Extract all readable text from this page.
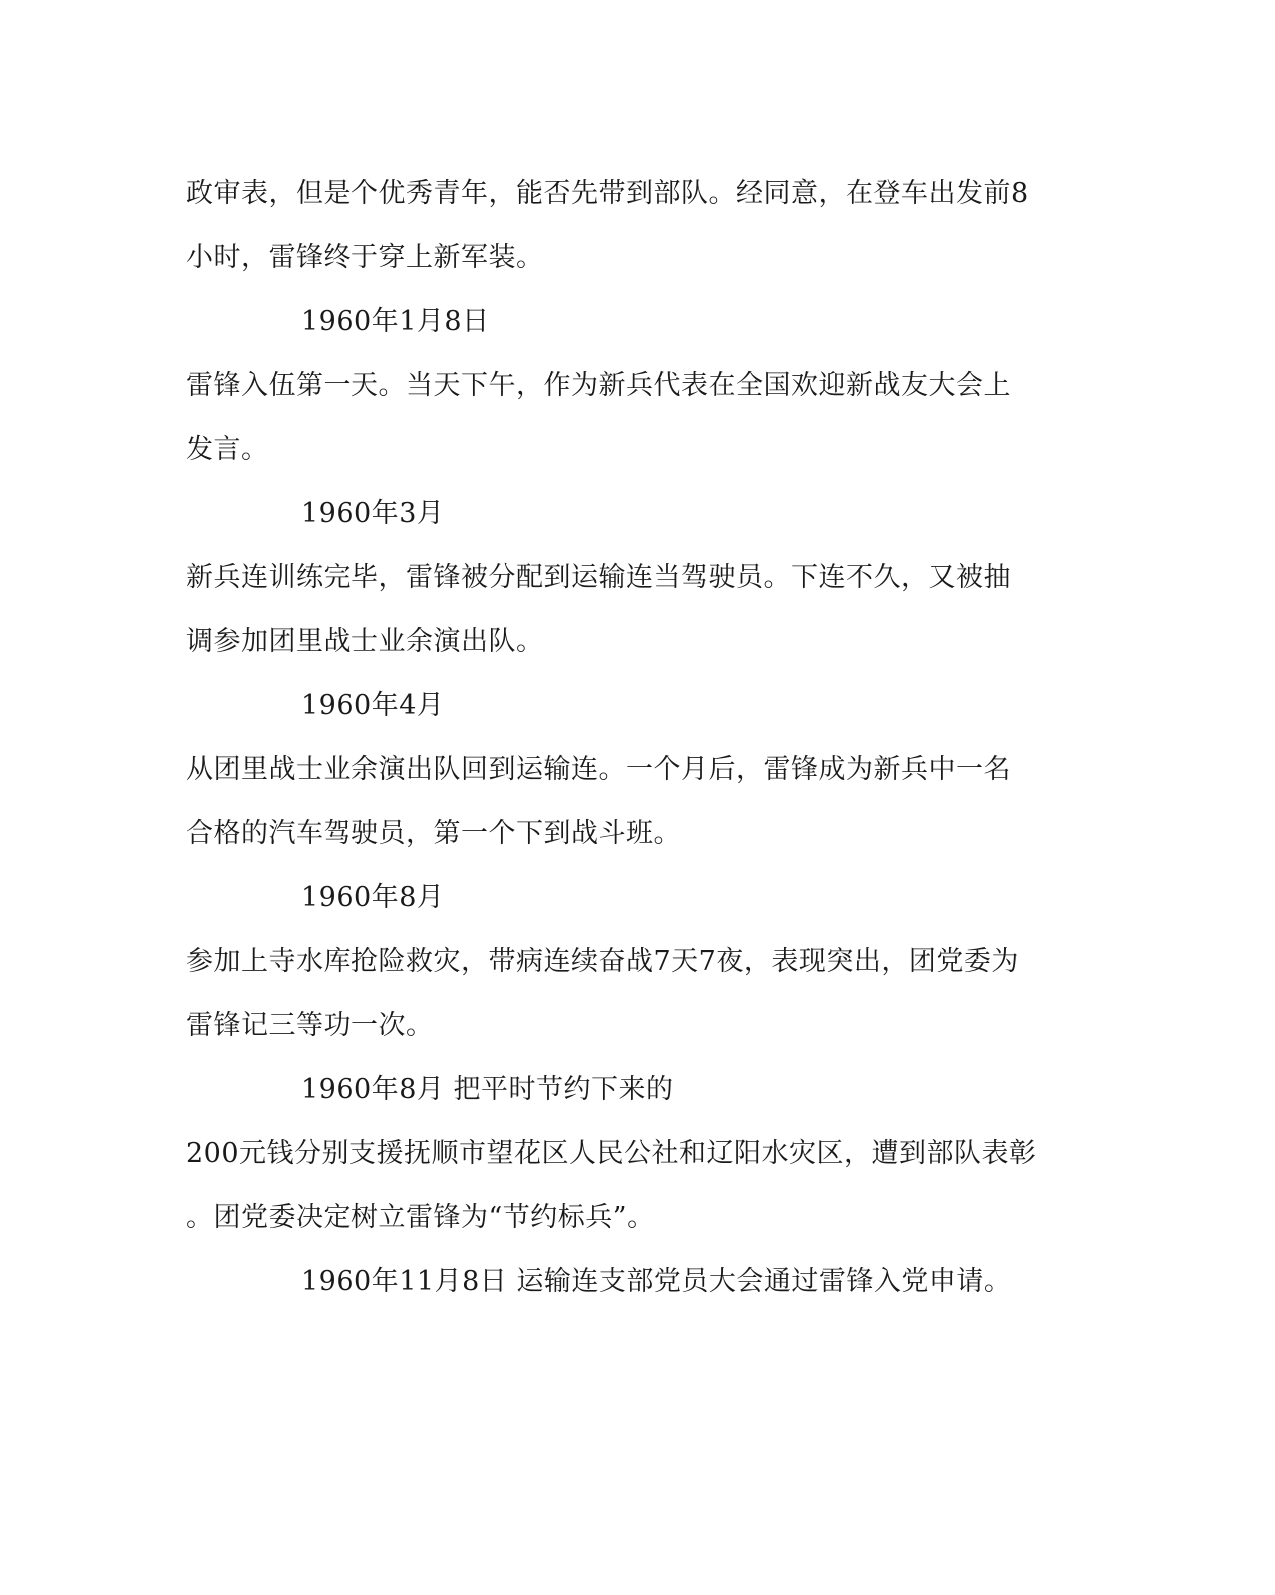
政审表，但是个优秀青年，能否先带到部队。经同意，在登车出发前8
小时，雷锋终于穿上新军装。
1960年1月8日
雷锋入伍第一天。当天下午，作为新兵代表在全国欢迎新战友大会上
发言。
1960年3月
新兵连训练完毕，雷锋被分配到运输连当驾驶员。下连不久，又被抽
调参加团里战士业余演出队。
1960年4月
从团里战士业余演出队回到运输连。一个月后，雷锋成为新兵中一名
合格的汽车驾驶员，第一个下到战斗班。
1960年8月
参加上寺水库抢险救灾，带病连续奋战7天7夜，表现突出，团党委为
雷锋记三等功一次。
1960年8月 把平时节约下来的
200元钱分别支援抚顺市望花区人民公社和辽阳水灾区，遭到部队表彰
。团党委决定树立雷锋为“节约标兵”。
1960年11月8日 运输连支部党员大会通过雷锋入党申请。
